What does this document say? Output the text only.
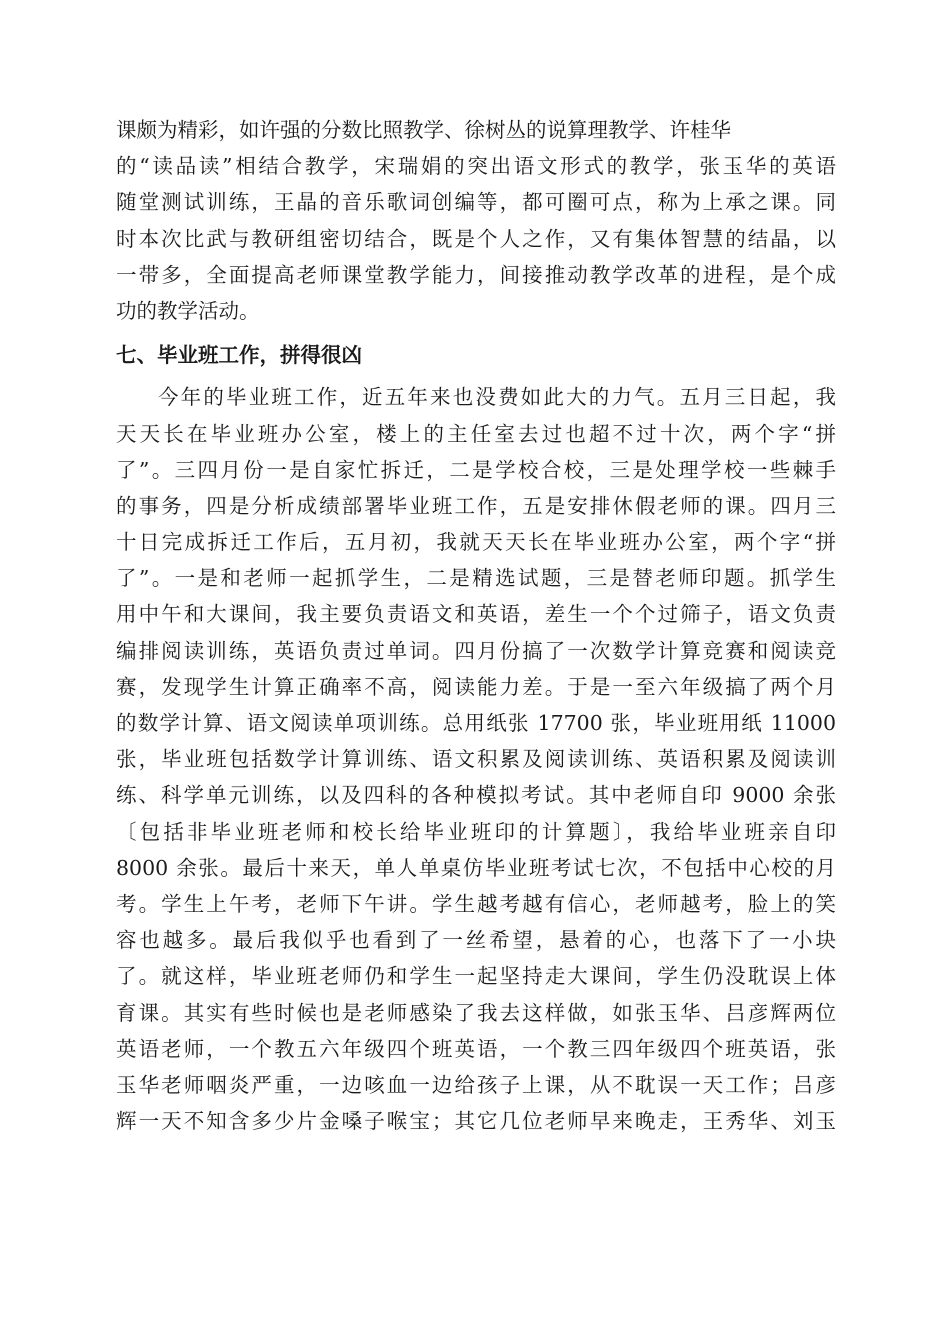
课颇为精彩，如许强的分数比照教学、徐树丛的说算理教学、许桂华
的“读品读”相结合教学，宋瑞娟的突出语文形式的教学，张玉华的英语
随堂测试训练，王晶的音乐歌词创编等，都可圈可点，称为上承之课。同
时本次比武与教研组密切结合，既是个人之作，又有集体智慧的结晶，以
一带多，全面提高老师课堂教学能力，间接推动教学改革的进程，是个成
功的教学活动。
七、毕业班工作，拼得很凶
今年的毕业班工作，近五年来也没费如此大的力气。五月三日起，我
天天长在毕业班办公室，楼上的主任室去过也超不过十次，两个字“拼
了”。三四月份一是自家忙拆迁，二是学校合校，三是处理学校一些棘手
的事务，四是分析成绩部署毕业班工作，五是安排休假老师的课。四月三
十日完成拆迁工作后，五月初，我就天天长在毕业班办公室，两个字“拼
了”。一是和老师一起抓学生，二是精选试题，三是替老师印题。抓学生
用中午和大课间，我主要负责语文和英语，差生一个个过筛子，语文负责
编排阅读训练，英语负责过单词。四月份搞了一次数学计算竞赛和阅读竞
赛，发现学生计算正确率不高，阅读能力差。于是一至六年级搞了两个月
的数学计算、语文阅读单项训练。总用纸张 17700 张，毕业班用纸 11000
张，毕业班包括数学计算训练、语文积累及阅读训练、英语积累及阅读训
练、科学单元训练，以及四科的各种模拟考试。其中老师自印 9000 余张
〔包括非毕业班老师和校长给毕业班印的计算题〕，我给毕业班亲自印
8000 余张。最后十来天，单人单桌仿毕业班考试七次，不包括中心校的月
考。学生上午考，老师下午讲。学生越考越有信心，老师越考，脸上的笑
容也越多。最后我似乎也看到了一丝希望，悬着的心，也落下了一小块
了。就这样，毕业班老师仍和学生一起坚持走大课间，学生仍没耽误上体
育课。其实有些时候也是老师感染了我去这样做，如张玉华、吕彦辉两位
英语老师，一个教五六年级四个班英语，一个教三四年级四个班英语，张
玉华老师咽炎严重，一边咳血一边给孩子上课，从不耽误一天工作；吕彦
辉一天不知含多少片金嗓子喉宝；其它几位老师早来晚走，王秀华、刘玉
